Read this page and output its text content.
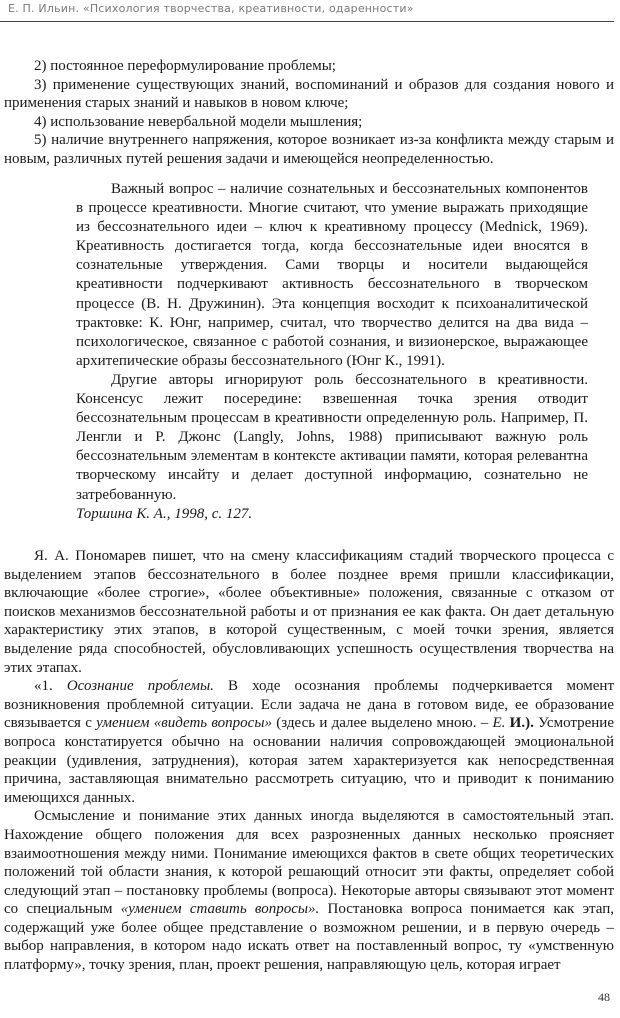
Е. П. Ильин. «Психология творчества, креативности, одаренности»

2) постоянное переформулирование проблемы;

3) применение существующих знаний, воспоминаний и образов для создания нового и применения старых знаний и навыков в новом ключе;

4) использование невербальной модели мышления;

5) наличие внутреннего напряжения, которое возникает из-за конфликта между старым и новым, различных путей решения задачи и имеющейся неопределенностью.

Важный вопрос – наличие сознательных и бессознательных компонентов в процессе креативности. Многие считают, что умение выражать приходящие из бессознательного идеи – ключ к креативному процессу (Mednick, 1969). Креативность достигается тогда, когда бессознательные идеи вносятся в сознательные утверждения. Сами творцы и носители выдающейся креативности подчеркивают активность бессознательного в творческом процессе (В. Н. Дружинин). Эта концепция восходит к психоаналитической трактовке: К. Юнг, например, считал, что творчество делится на два вида – психологическое, связанное с работой сознания, и визионерское, выражающее архитепические образы бессознательного (Юнг К., 1991).

Другие авторы игнорируют роль бессознательного в креативности. Консенсус лежит посередине: взвешенная точка зрения отводит бессознательным процессам в креативности определенную роль. Например, П. Ленгли и Р. Джонс (Langly, Johns, 1988) приписывают важную роль бессознательным элементам в контексте активации памяти, которая релевантна творческому инсайту и делает доступной информацию, сознательно не затребованную.

Торшина К. А., 1998, с. 127.

Я. А. Пономарев пишет, что на смену классификациям стадий творческого процесса с выделением этапов бессознательного в более позднее время пришли классификации, включающие «более строгие», «более объективные» положения, связанные с отказом от поисков механизмов бессознательной работы и от признания ее как факта. Он дает детальную характеристику этих этапов, в которой существенным, с моей точки зрения, является выделение ряда способностей, обусловливающих успешность осуществления творчества на этих этапах.

«1. Осознание проблемы. В ходе осознания проблемы подчеркивается момент возникновения проблемной ситуации. Если задача не дана в готовом виде, ее образование связывается с умением «видеть вопросы» (здесь и далее выделено мною. – Е. И.). Усмотрение вопроса констатируется обычно на основании наличия сопровождающей эмоциональной реакции (удивления, затруднения), которая затем характеризуется как непосредственная причина, заставляющая внимательно рассмотреть ситуацию, что и приводит к пониманию имеющихся данных.

Осмысление и понимание этих данных иногда выделяются в самостоятельный этап. Нахождение общего положения для всех разрозненных данных несколько проясняет взаимоотношения между ними. Понимание имеющихся фактов в свете общих теоретических положений той области знания, к которой решающий относит эти факты, определяет собой следующий этап – постановку проблемы (вопроса). Некоторые авторы связывают этот момент со специальным «умением ставить вопросы». Постановка вопроса понимается как этап, содержащий уже более общее представление о возможном решении, и в первую очередь – выбор направления, в котором надо искать ответ на поставленный вопрос, ту «умственную платформу», точку зрения, план, проект решения, направляющую цель, которая играет

48
